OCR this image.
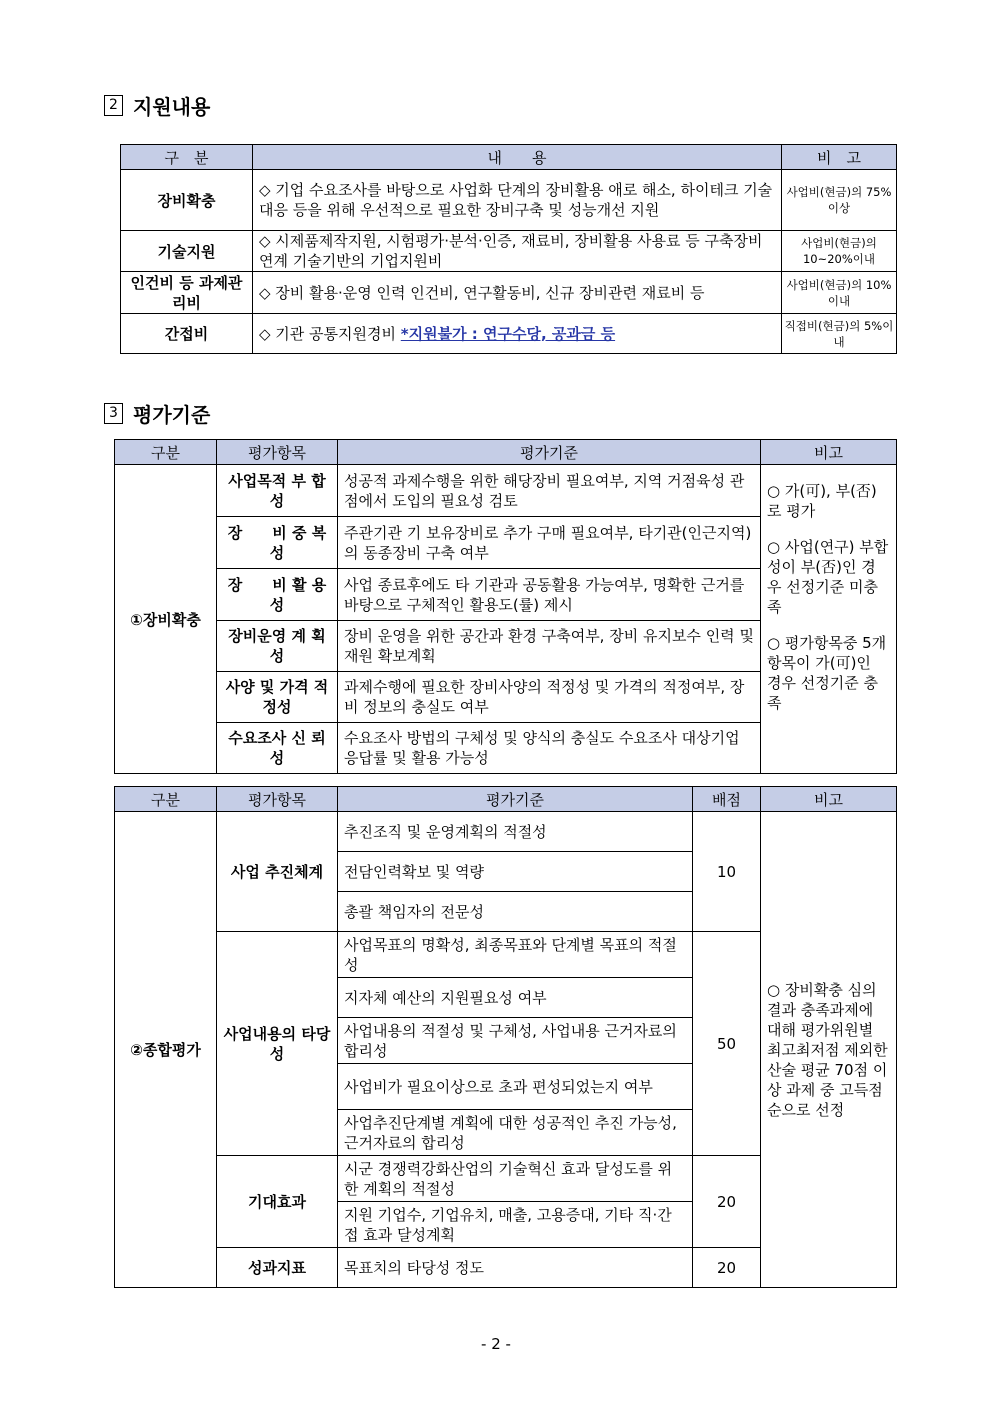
2 지원내용
구　분	내　　용	비　고
장비확충	◇ 기업 수요조사를 바탕으로 사업화 단계의 장비활용 애로 해소, 하이테크 기술 대응 등을 위해 우선적으로 필요한 장비구축 및 성능개선 지원	사업비(현금)의 75%이상
기술지원	◇ 시제품제작지원, 시험평가·분석·인증, 재료비, 장비활용 사용료 등 구축장비 연계 기술기반의 기업지원비	사업비(현금)의 10~20%이내
인건비 등 과제관리비	◇ 장비 활용·운영 인력 인건비, 연구활동비, 신규 장비관련 재료비 등	사업비(현금)의 10%이내
간접비	◇ 기관 공통지원경비 *지원불가 : 연구수당, 공과금 등	직접비(현금)의 5%이내
3 평가기준
구분	평가항목	평가기준	비고
①장비확충	사업목적 부 합 성	성공적 과제수행을 위한 해당장비 필요여부, 지역 거점육성 관점에서 도입의 필요성 검토	○ 가(可), 부(否)로 평가

○ 사업(연구) 부합성이 부(否)인 경우 선정기준 미충족

○ 평가항목중 5개 항목이 가(可)인 경우 선정기준 충족

	장　　비 중 복 성	주관기관 기 보유장비로 추가 구매 필요여부, 타기관(인근지역)의 동종장비 구축 여부	
	장　　비 활 용 성	사업 종료후에도 타 기관과 공동활용 가능여부, 명확한 근거를 바탕으로 구체적인 활용도(률) 제시	
	장비운영 계 획 성	장비 운영을 위한 공간과 환경 구축여부, 장비 유지보수 인력 및 재원 확보계획	
	사양 및 가격 적정성	과제수행에 필요한 장비사양의 적정성 및 가격의 적정여부, 장비 정보의 충실도 여부	
	수요조사 신 뢰 성	수요조사 방법의 구체성 및 양식의 충실도 수요조사 대상기업 응답률 및 활용 가능성	
구분	평가항목	평가기준	배점	비고
②종합평가	사업 추진체계	추진조직 및 운영계획의 적절성	10	○ 장비확충 심의 결과 충족과제에 대해 평가위원별 최고최저점 제외한 산술 평균 70점 이상 과제 중 고득점 순으로 선정
		전담인력확보 및 역량		
		총괄 책임자의 전문성		
	사업내용의 타당성	사업목표의 명확성, 최종목표와 단계별 목표의 적절성	50	
		지자체 예산의 지원필요성 여부		
		사업내용의 적절성 및 구체성, 사업내용 근거자료의 합리성		
		사업비가 필요이상으로 초과 편성되었는지 여부		
		사업추진단계별 계획에 대한 성공적인 추진 가능성, 근거자료의 합리성		
	기대효과	시군 경쟁력강화산업의 기술혁신 효과 달성도를 위한 계획의 적절성	20	
		지원 기업수, 기업유치, 매출, 고용증대, 기타 직·간접 효과 달성계획		
	성과지표	목표치의 타당성 정도	20	
- 2 -
